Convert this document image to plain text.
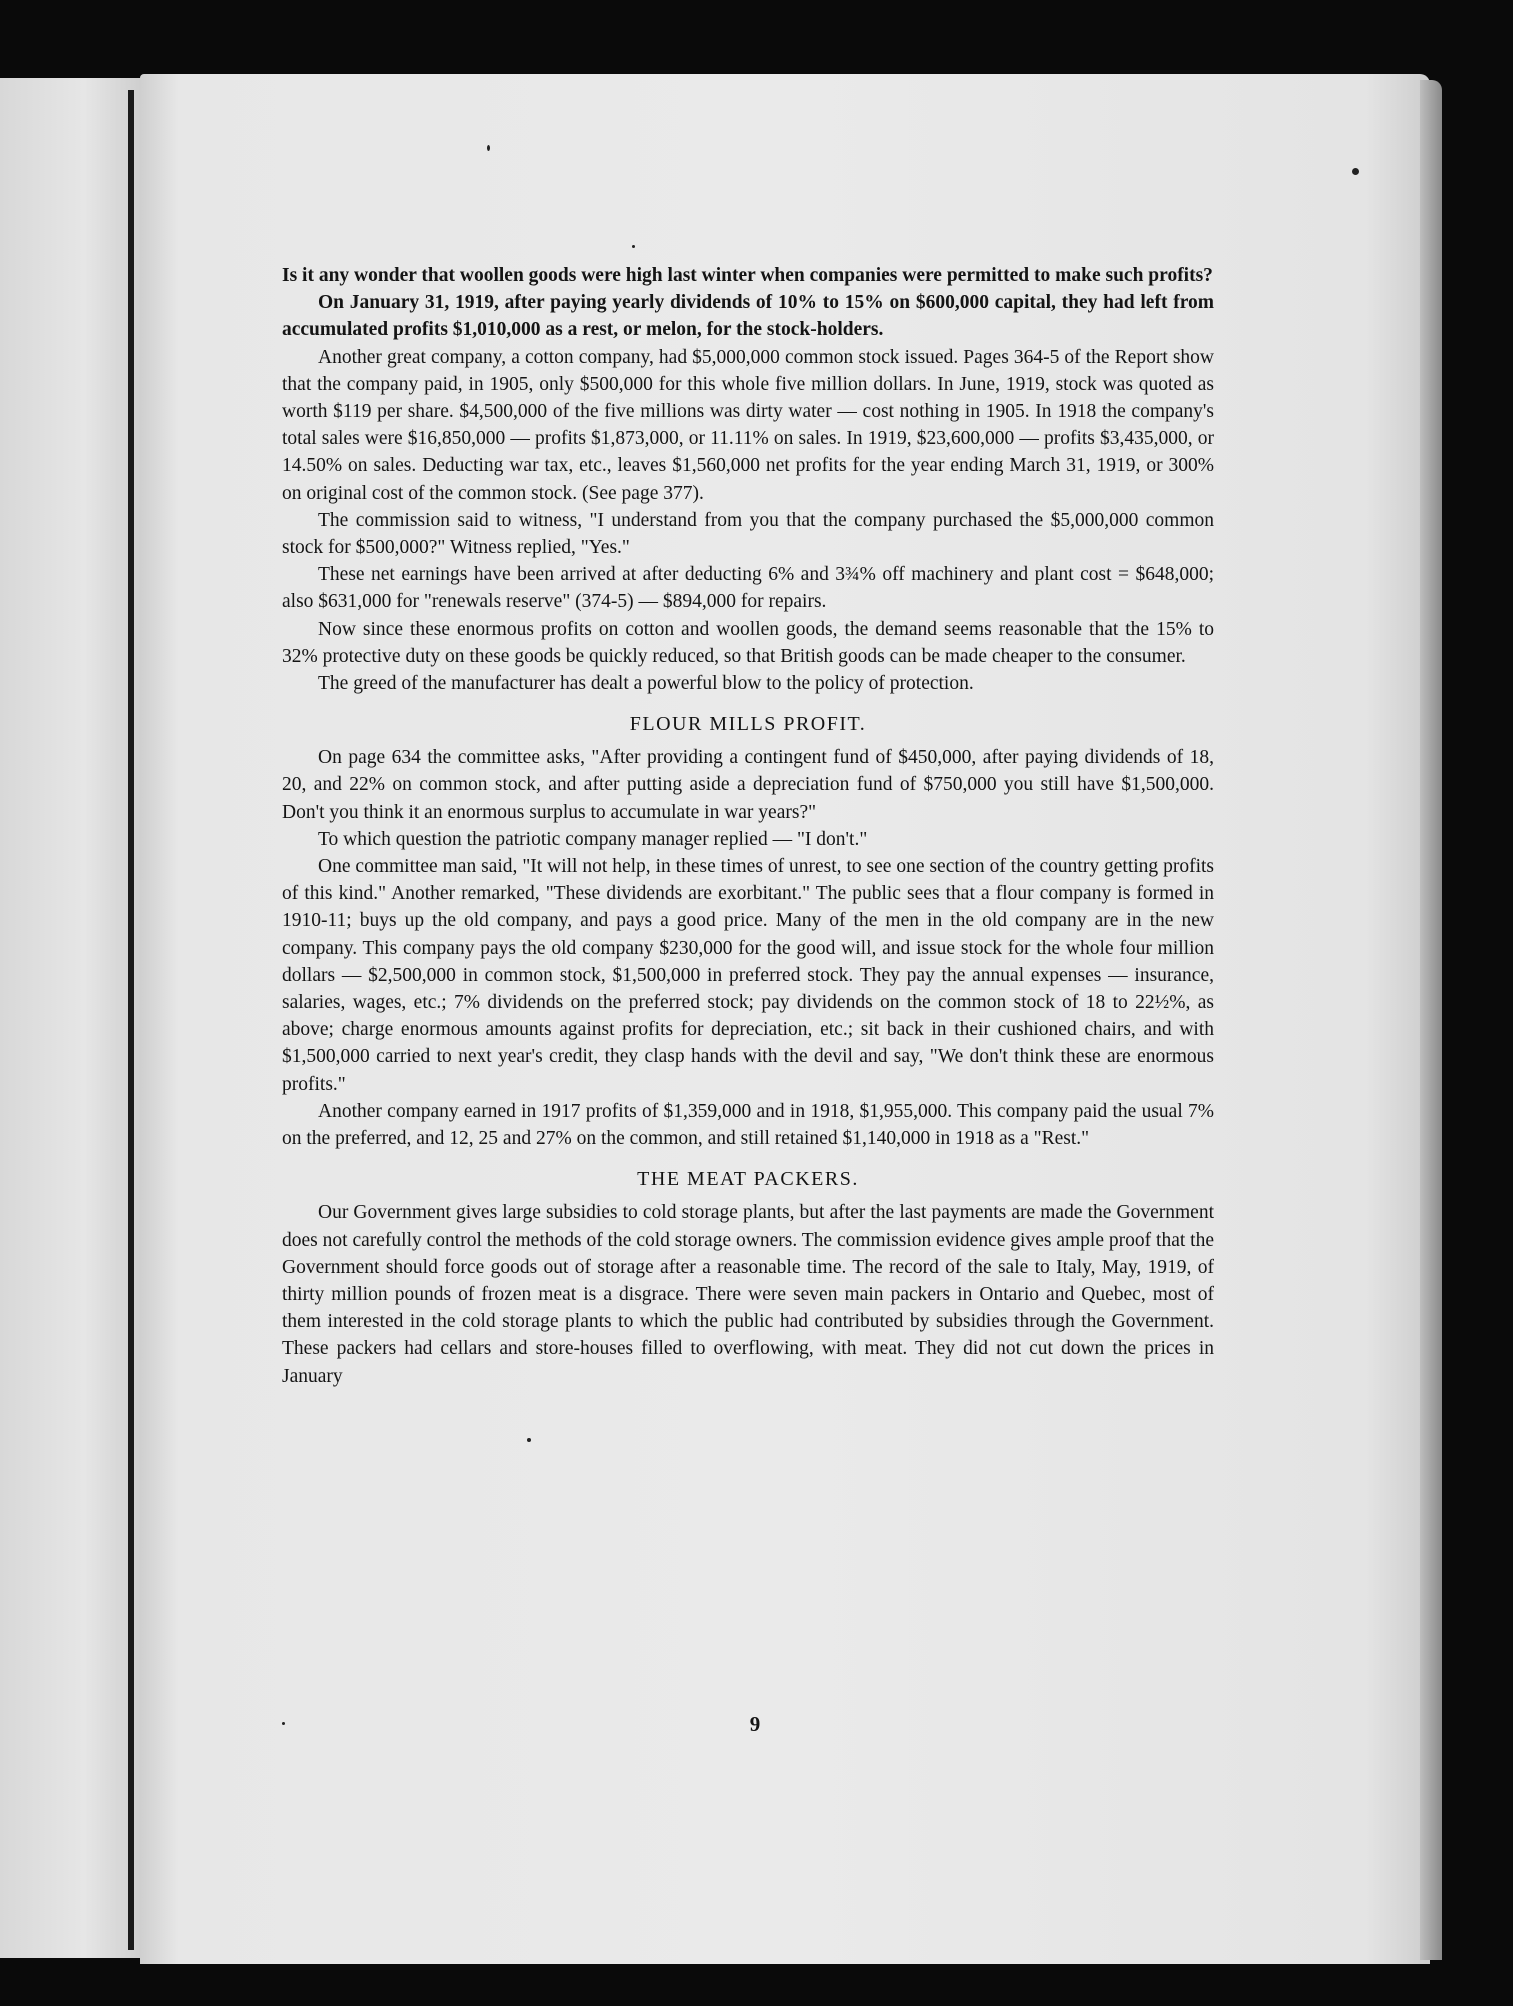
Is it any wonder that woollen goods were high last winter when companies were permitted to make such profits?

On January 31, 1919, after paying yearly dividends of 10% to 15% on $600,000 capital, they had left from accumulated profits $1,010,000 as a rest, or melon, for the stock-holders.

Another great company, a cotton company, had $5,000,000 common stock issued. Pages 364-5 of the Report show that the company paid, in 1905, only $500,000 for this whole five million dollars. In June, 1919, stock was quoted as worth $119 per share. $4,500,000 of the five millions was dirty water — cost nothing in 1905. In 1918 the company's total sales were $16,850,000 — profits $1,873,000, or 11.11% on sales. In 1919, $23,600,000 — profits $3,435,000, or 14.50% on sales. Deducting war tax, etc., leaves $1,560,000 net profits for the year ending March 31, 1919, or 300% on original cost of the common stock. (See page 377).

The commission said to witness, "I understand from you that the company purchased the $5,000,000 common stock for $500,000?" Witness replied, "Yes."

These net earnings have been arrived at after deducting 6% and 3¾% off machinery and plant cost = $648,000; also $631,000 for "renewals reserve" (374-5) — $894,000 for repairs.

Now since these enormous profits on cotton and woollen goods, the demand seems reasonable that the 15% to 32% protective duty on these goods be quickly reduced, so that British goods can be made cheaper to the consumer.

The greed of the manufacturer has dealt a powerful blow to the policy of protection.

FLOUR MILLS PROFIT.

On page 634 the committee asks, "After providing a contingent fund of $450,000, after paying dividends of 18, 20, and 22% on common stock, and after putting aside a depreciation fund of $750,000 you still have $1,500,000. Don't you think it an enormous surplus to accumulate in war years?"

To which question the patriotic company manager replied — "I don't."

One committee man said, "It will not help, in these times of unrest, to see one section of the country getting profits of this kind." Another remarked, "These dividends are exorbitant." The public sees that a flour company is formed in 1910-11; buys up the old company, and pays a good price. Many of the men in the old company are in the new company. This company pays the old company $230,000 for the good will, and issue stock for the whole four million dollars — $2,500,000 in common stock, $1,500,000 in preferred stock. They pay the annual expenses — insurance, salaries, wages, etc.; 7% dividends on the preferred stock; pay dividends on the common stock of 18 to 22½%, as above; charge enormous amounts against profits for depreciation, etc.; sit back in their cushioned chairs, and with $1,500,000 carried to next year's credit, they clasp hands with the devil and say, "We don't think these are enormous profits."

Another company earned in 1917 profits of $1,359,000 and in 1918, $1,955,000. This company paid the usual 7% on the preferred, and 12, 25 and 27% on the common, and still retained $1,140,000 in 1918 as a "Rest."

THE MEAT PACKERS.

Our Government gives large subsidies to cold storage plants, but after the last payments are made the Government does not carefully control the methods of the cold storage owners. The commission evidence gives ample proof that the Government should force goods out of storage after a reasonable time. The record of the sale to Italy, May, 1919, of thirty million pounds of frozen meat is a disgrace. There were seven main packers in Ontario and Quebec, most of them interested in the cold storage plants to which the public had contributed by subsidies through the Government. These packers had cellars and store-houses filled to overflowing, with meat. They did not cut down the prices in January

9
